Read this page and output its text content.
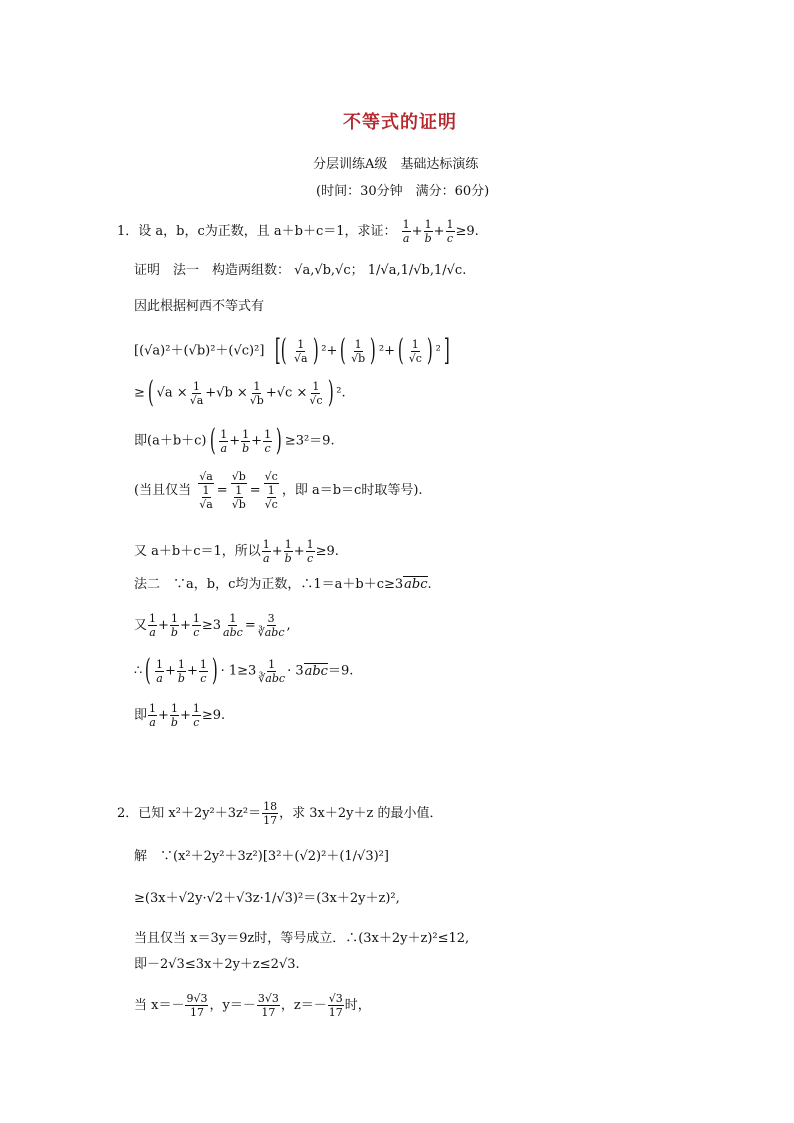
不等式的证明
分层训练A级　基础达标演练
(时间：30分钟　满分：60分)
1．设 a，b，c为正数，且 a＋b＋c＝1，求证： $\frac{1}{a} + \frac{1}{b} + \frac{1}{c} \ge 9$.
证明　法一　构造两组数： √a,√b,√c； 1/√a,1/√b,1/√c.
因此根据柯西不等式有
[(√a)²＋(√b)²＋(√c)²] [( $\frac{1}{√a}$ ) $^2+( \frac{1}{√b}$ ) $^2+( \frac{1}{√c}$ ) ²]
≥( $√a \times \frac{1}{√a} +√b \times \frac{1}{√b} +√c \times \frac{1}{√c}$ ) ².
即$(a+b+c)( \frac{1}{a} + \frac{1}{b} + \frac{1}{c}$ ) ≥3²＝9.
(当且仅当 $\frac{√a}{\frac{1}{√a}} = \frac{√b}{\frac{1}{√b}} = \frac{√c}{\frac{1}{√c}}$ ，即 a＝b＝c时取等号).
又 a＋b＋c＝1，所以 $\frac{1}{a} + \frac{1}{b} + \frac{1}{c} \ge 9$.
法二　∵a，b，c均为正数，∴1＝a＋b＋c≥3abc.
又 $\frac{1}{a} + \frac{1}{b} + \frac{1}{c} \ge 3 \frac{1}{\text{abc}} = \frac{3}{\text{∛abc}}$ ,
∴( $\frac{1}{a} + \frac{1}{b} + \frac{1}{c}$ ) · $1\ge 3 \frac{1}{\text{∛abc}} \cdot 3abc=9$.
即 $\frac{1}{a} + \frac{1}{b} + \frac{1}{c} \ge 9$.
2．已知 $x^2+2y^2+3z^2= \frac{18}{17}$ ，求 3x＋2y＋z 的最小值．
解　∵(x²＋2y²＋3z²)[3²＋(√2)²＋(1/√3)²]
≥(3x＋√2y·√2＋√3z·1/√3)²＝(3x＋2y＋z)²,
当且仅当 x＝3y＝9z时，等号成立．∴(3x＋2y＋z)²≤12,
即－2√3≤3x＋2y＋z≤2√3.
当 $x=- \frac{9√3}{17}$ ，$y=- \frac{3√3}{17}$ ，$z=- \frac{√3}{17}$ 时，
